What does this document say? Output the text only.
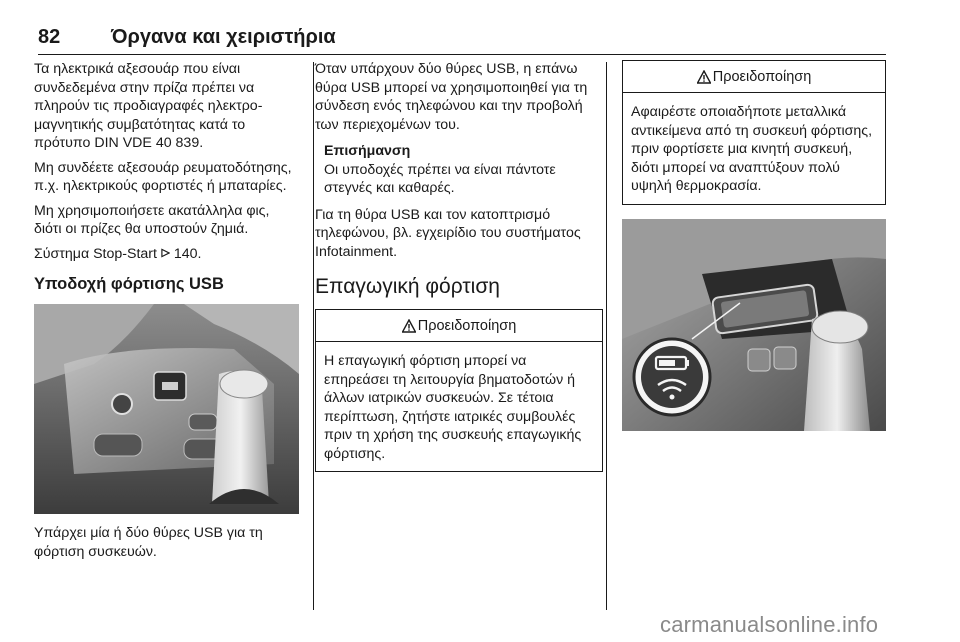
82	Όργανα και χειριστήρια

Τα ηλεκτρικά αξεσουάρ που είναι συνδεδεμένα στην πρίζα πρέπει να πληρούν τις προδιαγραφές ηλεκτρομαγνητικής συμβατότητας κατά το πρότυπο DIN VDE 40 839.

Μη συνδέετε αξεσουάρ ρευματοδότησης, π.χ. ηλεκτρικούς φορτιστές ή μπαταρίες.

Μη χρησιμοποιήσετε ακατάλληλα φις, διότι οι πρίζες θα υποστούν ζημιά.

Σύστημα Stop-Start 140.

Υποδοχή φόρτισης USB

Υπάρχει μία ή δύο θύρες USB για τη φόρτιση συσκευών.

Όταν υπάρχουν δύο θύρες USB, η επάνω θύρα USB μπορεί να χρησιμοποιηθεί για τη σύνδεση ενός τηλεφώνου και την προβολή των περιεχομένων του.

Επισήμανση

Οι υποδοχές πρέπει να είναι πάντοτε στεγνές και καθαρές.

Για τη θύρα USB και τον κατοπτρισμό τηλεφώνου, βλ. εγχειρίδιο του συστήματος Infotainment.

Επαγωγική φόρτιση
Προειδοποίηση

Η επαγωγική φόρτιση μπορεί να επηρεάσει τη λειτουργία βηματοδοτών ή άλλων ιατρικών συσκευών. Σε τέτοια περίπτωση, ζητήστε ιατρικές συμβουλές πριν τη χρήση της συσκευής επαγωγικής φόρτισης.

Προειδοποίηση

Αφαιρέστε οποιαδήποτε μεταλλικά αντικείμενα από τη συσκευή φόρτισης, πριν φορτίσετε μια κινητή συσκευή, διότι μπορεί να αναπτύξουν πολύ υψηλή θερμοκρασία.

carmanualsonline.info
